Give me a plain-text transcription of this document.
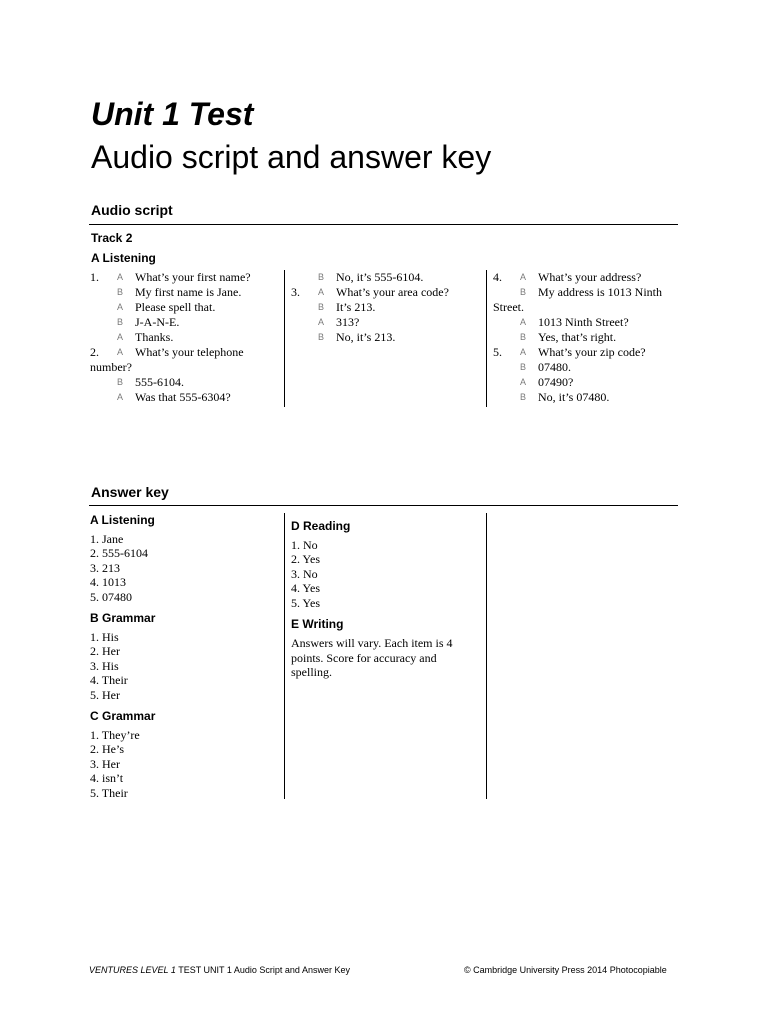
Unit 1 Test
Audio script and answer key
Audio script
Track 2
A Listening
1. A What’s your first name?
B My first name is Jane.
A Please spell that.
B J-A-N-E.
A Thanks.
2. A What’s your telephone
number?
B 555-6104.
A Was that 555-6304?
B No, it’s 555-6104.
3. A What’s your area code?
B It’s 213.
A 313?
B No, it’s 213.
4. A What’s your address?
B My address is 1013 Ninth
Street.
A 1013 Ninth Street?
B Yes, that’s right.
5. A What’s your zip code?
B 07480.
A 07490?
B No, it’s 07480.
Answer key
A Listening
1. Jane
2. 555-6104
3. 213
4. 1013
5. 07480
B Grammar
1. His
2. Her
3. His
4. Their
5. Her
C Grammar
1. They’re
2. He’s
3. Her
4. isn’t
5. Their
D Reading
1. No
2. Yes
3. No
4. Yes
5. Yes
E Writing
Answers will vary. Each item is 4 points. Score for accuracy and spelling.
VENTURES LEVEL 1 TEST UNIT 1 Audio Script and Answer Key	© Cambridge University Press 2014 Photocopiable
